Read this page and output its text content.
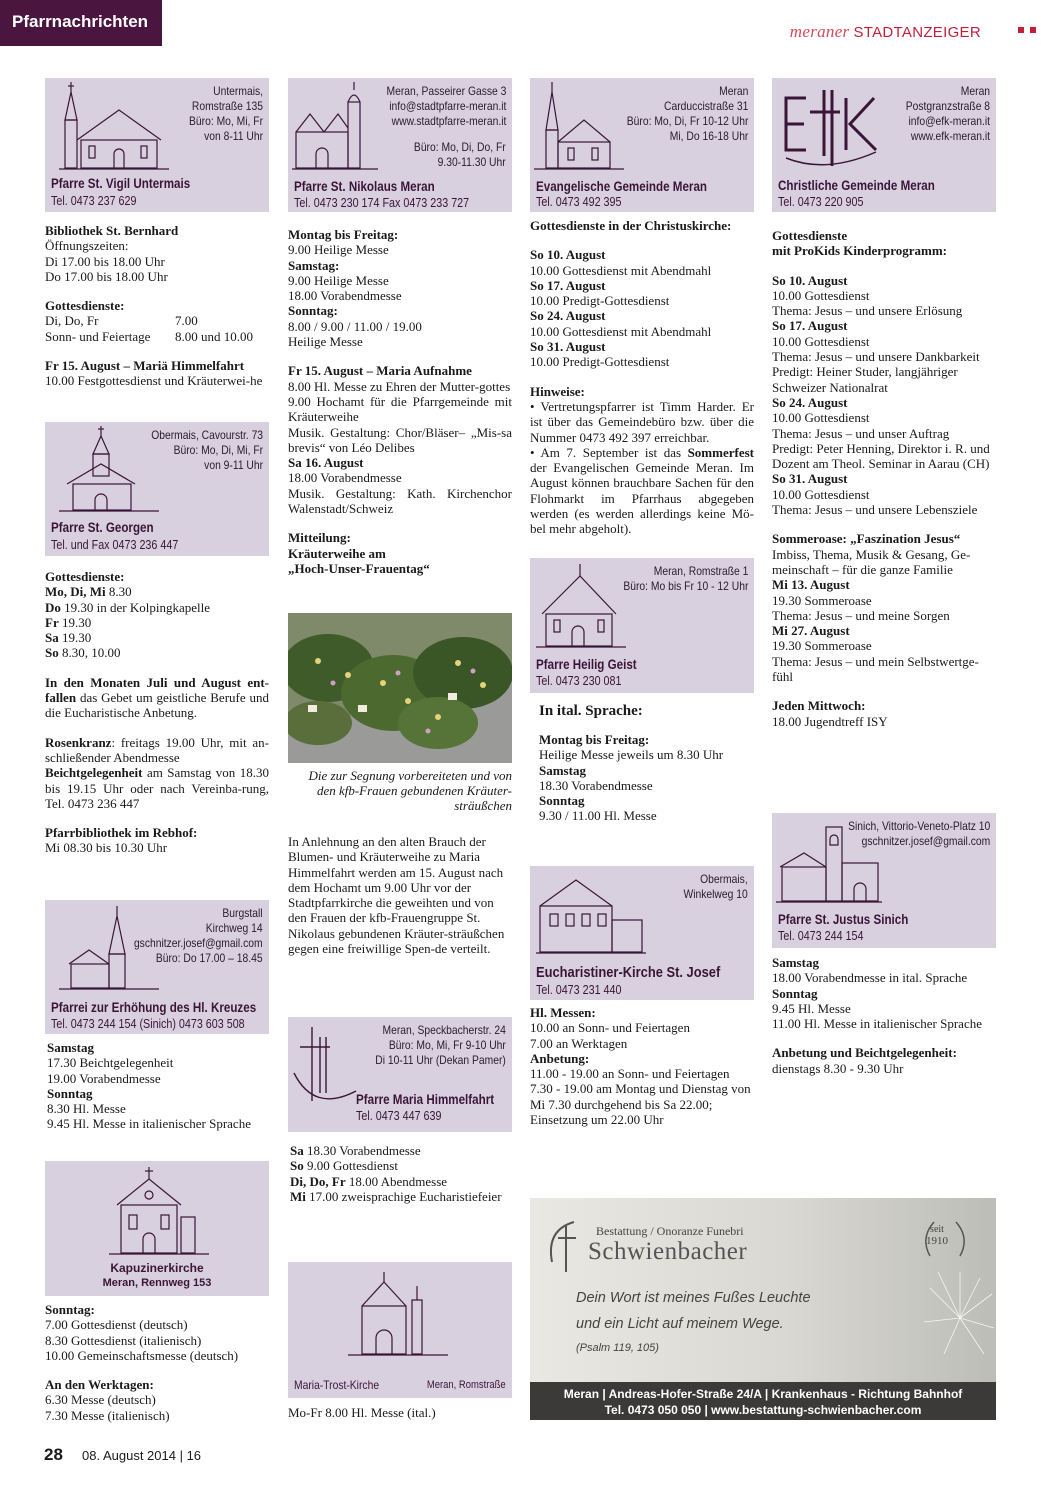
Pfarrnachrichten
meraner STADTANZEIGER
Untermais,
Romstraße 135
Büro: Mo, Mi, Fr
von 8-11 Uhr
Pfarre St. Vigil Untermais
Tel. 0473 237 629

Bibliothek St. Bernhard

Öffnungszeiten:

Di 17.00 bis 18.00 Uhr

Do 17.00 bis 18.00 Uhr

Gottesdienste:

Di, Do, Fr	7.00

Sonn- und Feiertage 8.00 und 10.00

Fr 15. August – Mariä Himmelfahrt

10.00 Festgottesdienst und Kräuterwei-he

Obermais, Cavourstr. 73
Büro: Mo, Di, Mi, Fr
von 9-11 Uhr
Pfarre St. Georgen
Tel. und Fax 0473 236 447

Gottesdienste:

Mo, Di, Mi 8.30

Do 19.30 in der Kolpingkapelle

Fr 19.30

Sa 19.30

So 8.30, 10.00

In den Monaten Juli und August ent-fallen das Gebet um geistliche Berufe und die Eucharistische Anbetung.

Rosenkranz: freitags 19.00 Uhr, mit an-schließender Abendmesse

Beichtgelegenheit am Samstag von 18.30 bis 19.15 Uhr oder nach Vereinba-rung, Tel. 0473 236 447

Pfarrbibliothek im Rebhof:

Mi 08.30 bis 10.30 Uhr

Burgstall
Kirchweg 14
gschnitzer.josef@gmail.com
Büro: Do 17.00 – 18.45
Pfarrei zur Erhöhung des Hl. Kreuzes
Tel. 0473 244 154 (Sinich) 0473 603 508

Samstag

17.30 Beichtgelegenheit

19.00 Vorabendmesse

Sonntag

8.30 Hl. Messe

9.45 Hl. Messe in italienischer Sprache

Kapuzinerkirche
Meran, Rennweg 153

Sonntag:

7.00 Gottesdienst (deutsch)

8.30 Gottesdienst (italienisch)

10.00 Gemeinschaftsmesse (deutsch)

An den Werktagen:

6.30 Messe (deutsch)

7.30 Messe (italienisch)

Meran, Passeirer Gasse 3
info@stadtpfarre-meran.it
www.stadtpfarre-meran.it
Büro: Mo, Di, Do, Fr
9.30-11.30 Uhr
Pfarre St. Nikolaus Meran
Tel. 0473 230 174 Fax 0473 233 727

Montag bis Freitag:

9.00 Heilige Messe

Samstag:

9.00 Heilige Messe

18.00 Vorabendmesse

Sonntag:

8.00 / 9.00 / 11.00 / 19.00

Heilige Messe

Fr 15. August – Maria Aufnahme

8.00 Hl. Messe zu Ehren der Mutter-gottes

9.00 Hochamt für die Pfarrgemeinde mit Kräuterweihe

Musik. Gestaltung: Chor/Bläser– „Mis-sa brevis“ von Léo Delibes

Sa 16. August

18.00 Vorabendmesse

Musik. Gestaltung: Kath. Kirchenchor Walenstadt/Schweiz

Mitteilung:

Kräuterweihe am

„Hoch-Unser-Frauentag“

Die zur Segnung vorbereiteten und von den kfb-Frauen gebundenen Kräuter-sträußchen
In Anlehnung an den alten Brauch der Blumen- und Kräuterweihe zu Maria Himmelfahrt werden am 15. August nach dem Hochamt um 9.00 Uhr vor der Stadtpfarrkirche die geweihten und von den Frauen der kfb-Frauengruppe St. Nikolaus gebundenen Kräuter-sträußchen gegen eine freiwillige Spen-de verteilt.
Meran, Speckbacherstr. 24
Büro: Mo, Mi, Fr 9-10 Uhr
Di 10-11 Uhr (Dekan Pamer)
Pfarre Maria Himmelfahrt
Tel. 0473 447 639

Sa 18.30 Vorabendmesse

So 9.00 Gottesdienst

Di, Do, Fr 18.00 Abendmesse

Mi 17.00 zweisprachige Eucharistiefeier

Maria-Trost-Kirche	Meran, Romstraße
Mo-Fr 8.00 Hl. Messe (ital.)
Meran
Carduccistraße 31
Büro: Mo, Di, Fr 10-12 Uhr
Mi, Do 16-18 Uhr
Evangelische Gemeinde Meran
Tel. 0473 492 395

Gottesdienste in der Christuskirche:

So 10. August

10.00 Gottesdienst mit Abendmahl

So 17. August

10.00 Predigt-Gottesdienst

So 24. August

10.00 Gottesdienst mit Abendmahl

So 31. August

10.00 Predigt-Gottesdienst

Hinweise:

• Vertretungspfarrer ist Timm Harder. Er ist über das Gemeindebüro bzw. über die Nummer 0473 492 397 erreichbar.

• Am 7. September ist das Sommerfest der Evangelischen Gemeinde Meran. Im August können brauchbare Sachen für den Flohmarkt im Pfarrhaus abgegeben werden (es werden allerdings keine Mö-bel mehr abgeholt).

Meran, Romstraße 1
Büro: Mo bis Fr 10 - 12 Uhr
Pfarre Heilig Geist
Tel. 0473 230 081

In ital. Sprache:

Montag bis Freitag:

Heilige Messe jeweils um 8.30 Uhr

Samstag

18.30 Vorabendmesse

Sonntag

9.30 / 11.00 Hl. Messe

Obermais,
Winkelweg 10
Eucharistiner-Kirche St. Josef
Tel. 0473 231 440

Hl. Messen:

10.00 an Sonn- und Feiertagen

7.00 an Werktagen

Anbetung:

11.00 - 19.00 an Sonn- und Feiertagen

7.30 - 19.00 am Montag und Dienstag von Mi 7.30 durchgehend bis Sa 22.00; Einsetzung um 22.00 Uhr

Bestattung / Onoranze Funebri
Schwienbacher
seit
1910
Dein Wort ist meines Fußes Leuchte
und ein Licht auf meinem Wege.
(Psalm 119, 105)
Meran | Andreas-Hofer-Straße 24/A | Krankenhaus - Richtung Bahnhof
Tel. 0473 050 050 | www.bestattung-schwienbacher.com
Meran
Postgranzstraße 8
info@efk-meran.it
www.efk-meran.it
Christliche Gemeinde Meran
Tel. 0473 220 905

Gottesdienste

mit ProKids Kinderprogramm:

So 10. August

10.00 Gottesdienst

Thema: Jesus – und unsere Erlösung

So 17. August

10.00 Gottesdienst

Thema: Jesus – und unsere Dankbarkeit

Predigt: Heiner Studer, langjähriger Schweizer Nationalrat

So 24. August

10.00 Gottesdienst

Thema: Jesus – und unser Auftrag

Predigt: Peter Henning, Direktor i. R. und Dozent am Theol. Seminar in Aarau (CH)

So 31. August

10.00 Gottesdienst

Thema: Jesus – und unsere Lebensziele

Sommeroase: „Faszination Jesus“

Imbiss, Thema, Musik & Gesang, Ge-meinschaft – für die ganze Familie

Mi 13. August

19.30 Sommeroase

Thema: Jesus – und meine Sorgen

Mi 27. August

19.30 Sommeroase

Thema: Jesus – und mein Selbstwertge-fühl

Jeden Mittwoch:

18.00 Jugendtreff ISY

Sinich, Vittorio-Veneto-Platz 10
gschnitzer.josef@gmail.com
Pfarre St. Justus Sinich
Tel. 0473 244 154

Samstag

18.00 Vorabendmesse in ital. Sprache

Sonntag

9.45 Hl. Messe

11.00 Hl. Messe in italienischer Sprache

Anbetung und Beichtgelegenheit:

dienstags 8.30 - 9.30 Uhr

28 08. August 2014 | 16
